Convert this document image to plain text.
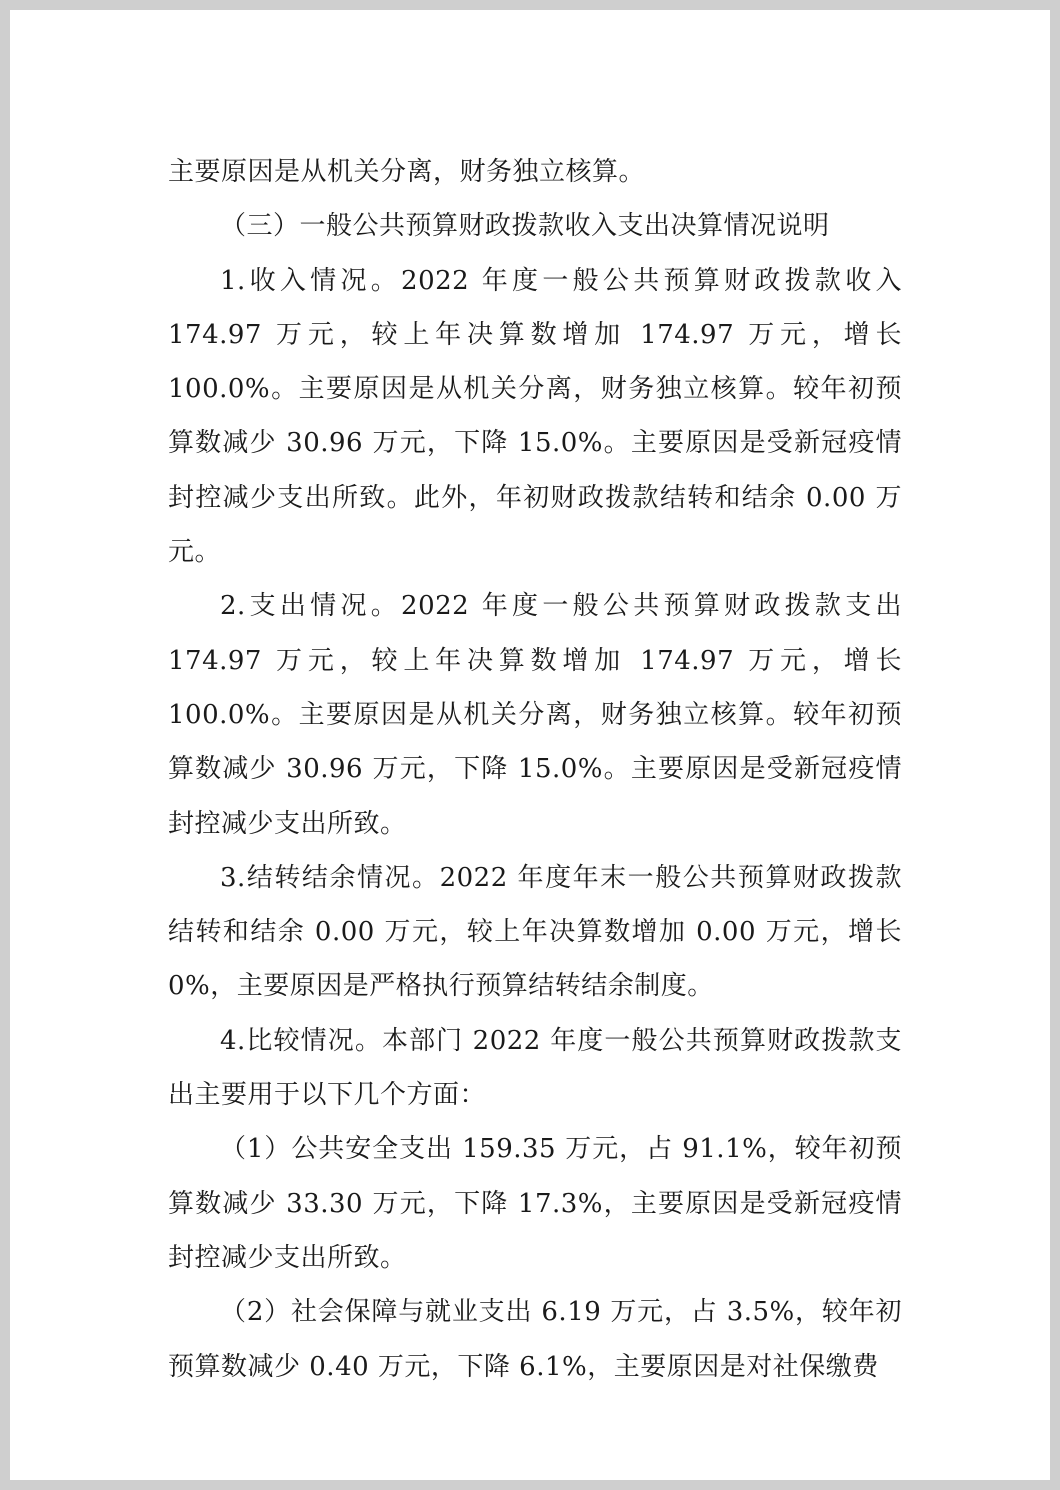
主要原因是从机关分离，财务独立核算。

（三）一般公共预算财政拨款收入支出决算情况说明

1.收入情况。2022 年度一般公共预算财政拨款收入 174.97 万元，较上年决算数增加 174.97 万元，增长 100.0%。主要原因是从机关分离，财务独立核算。较年初预算数减少 30.96 万元，下降 15.0%。主要原因是受新冠疫情封控减少支出所致。此外，年初财政拨款结转和结余 0.00 万元。

2.支出情况。2022 年度一般公共预算财政拨款支出 174.97 万元，较上年决算数增加 174.97 万元，增长 100.0%。主要原因是从机关分离，财务独立核算。较年初预算数减少 30.96 万元，下降 15.0%。主要原因是受新冠疫情封控减少支出所致。

3.结转结余情况。2022 年度年末一般公共预算财政拨款结转和结余 0.00 万元，较上年决算数增加 0.00 万元，增长 0%，主要原因是严格执行预算结转结余制度。

4.比较情况。本部门 2022 年度一般公共预算财政拨款支出主要用于以下几个方面：

（1）公共安全支出 159.35 万元，占 91.1%，较年初预算数减少 33.30 万元，下降 17.3%，主要原因是受新冠疫情封控减少支出所致。

（2）社会保障与就业支出 6.19 万元，占 3.5%，较年初预算数减少 0.40 万元，下降 6.1%，主要原因是对社保缴费
